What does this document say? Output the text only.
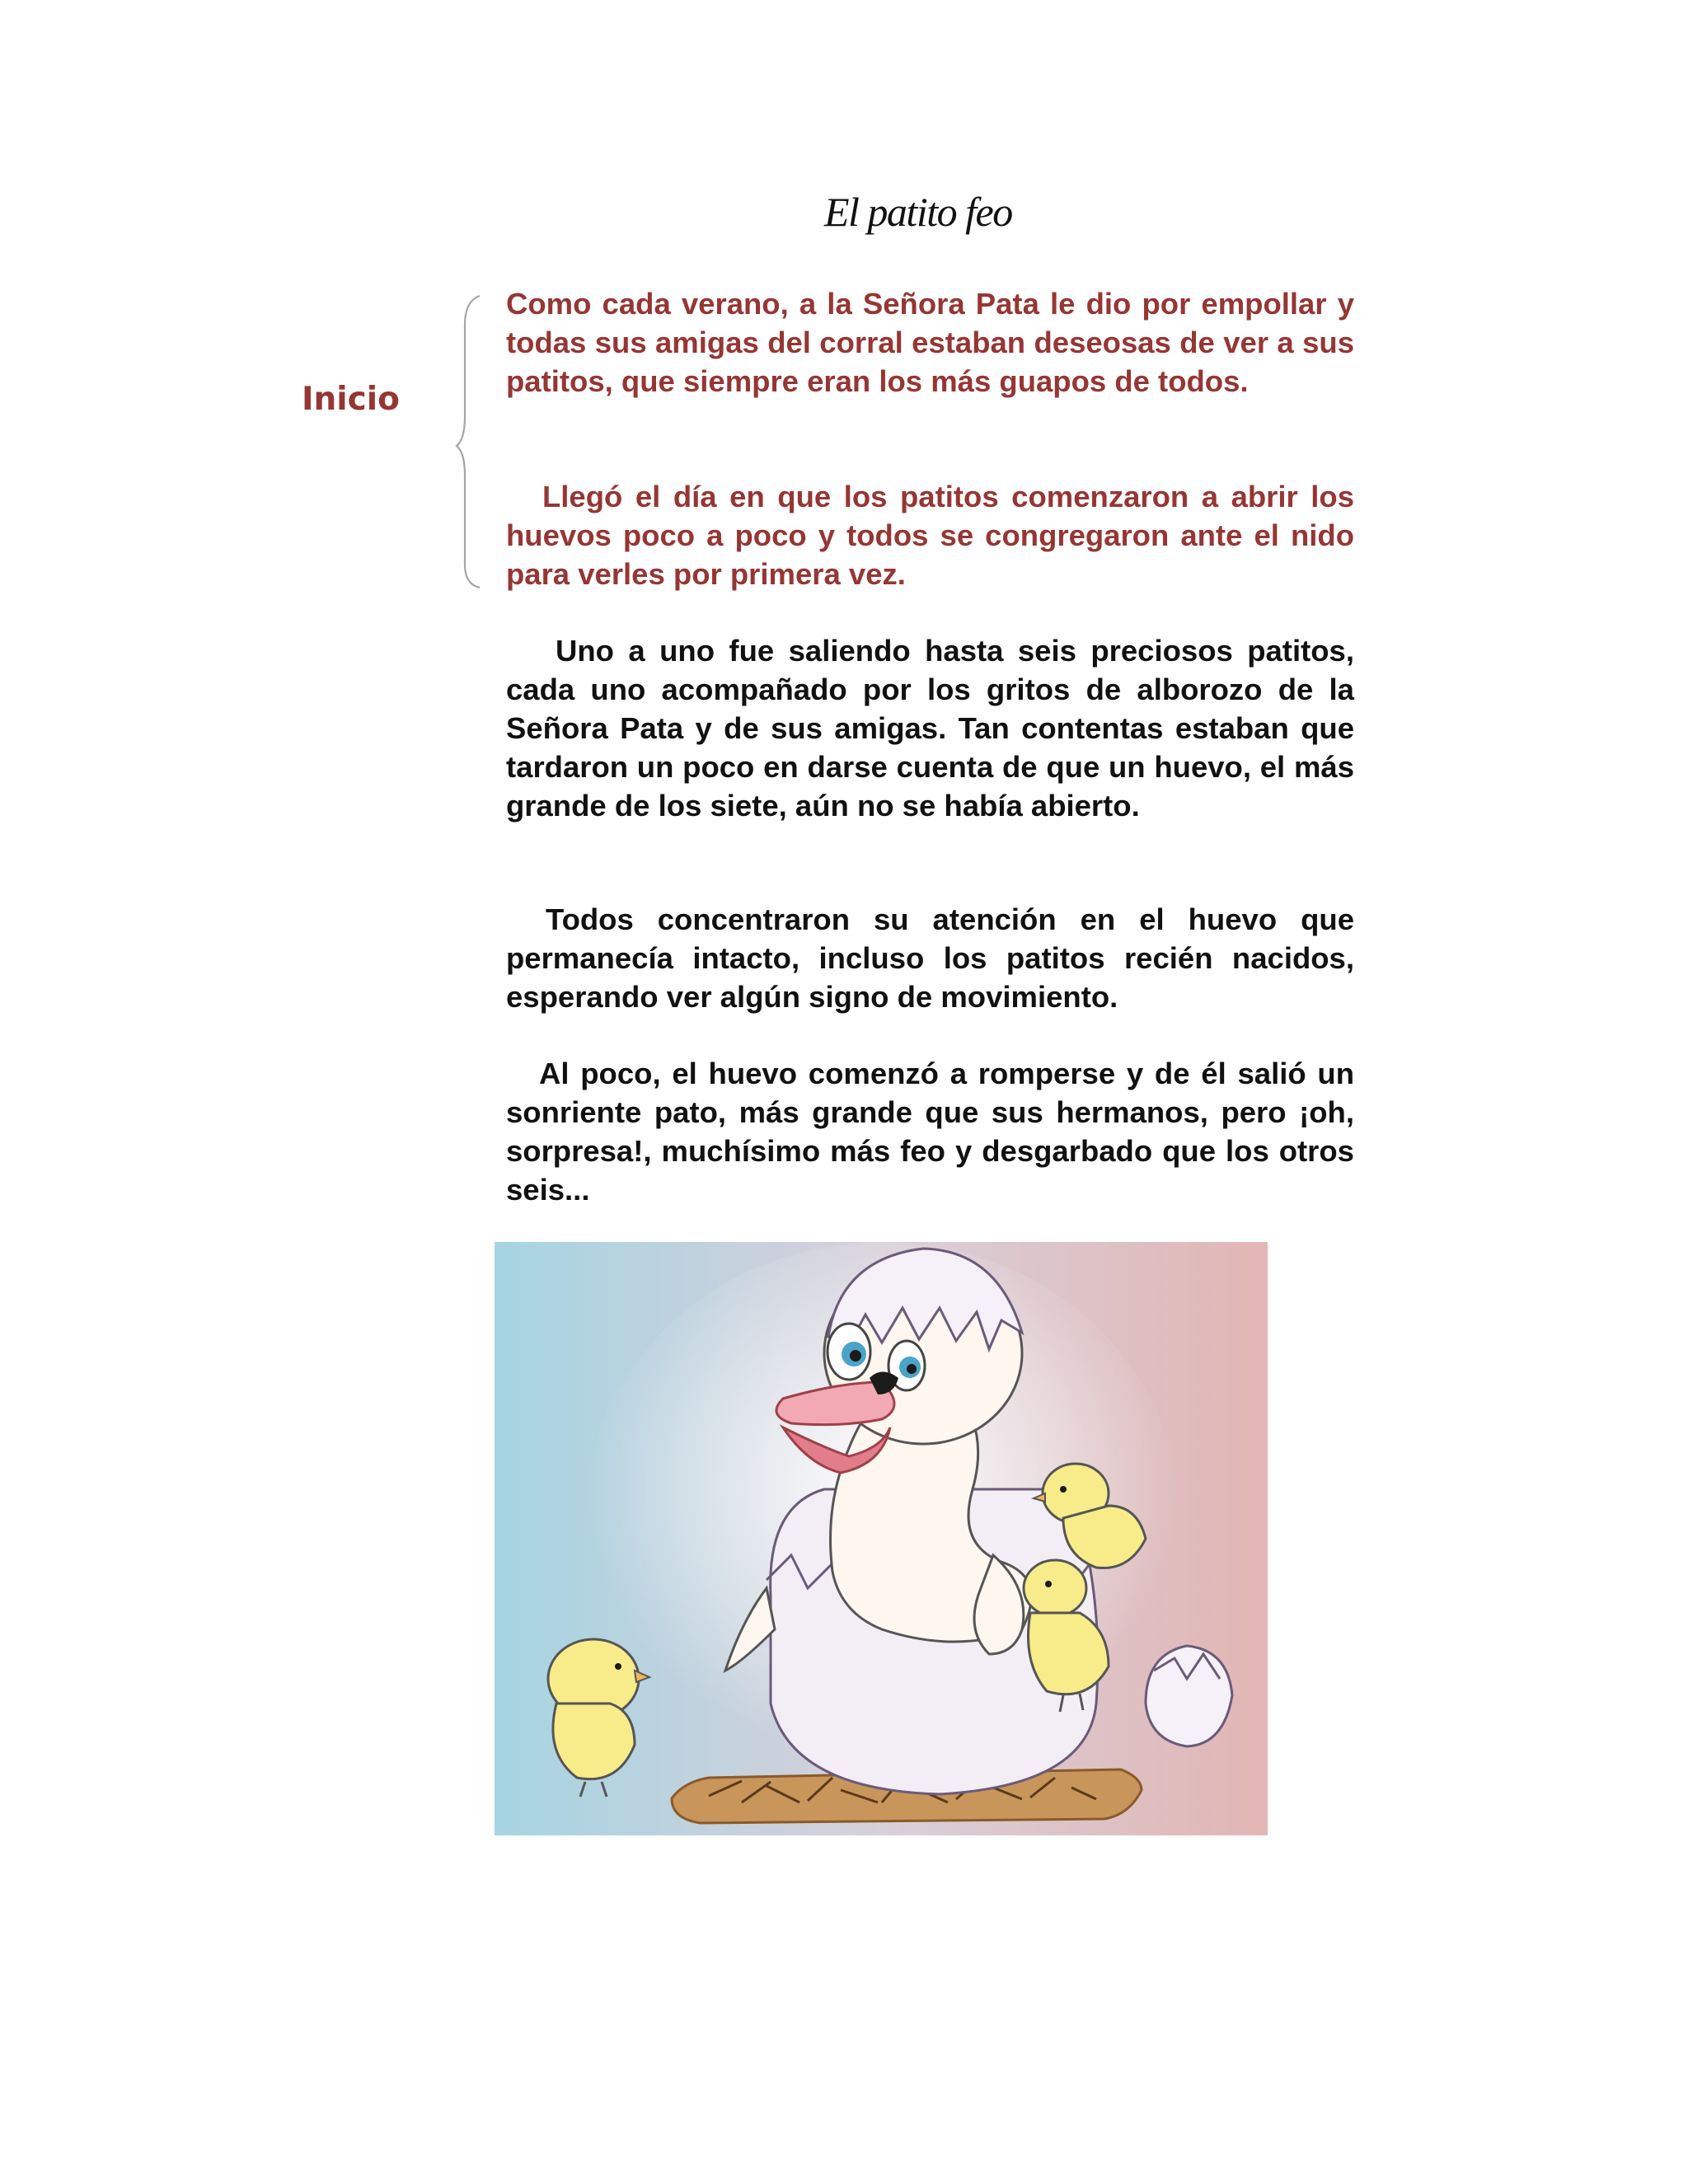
El patito feo
Inicio

Como cada verano, a la Señora Pata le dio por empollar y todas sus amigas del corral estaban deseosas de ver a sus patitos, que siempre eran los más guapos de todos.

Llegó el día en que los patitos comenzaron a abrir los huevos poco a poco y todos se congregaron ante el nido para verles por primera vez.

Uno a uno fue saliendo hasta seis preciosos patitos, cada uno acompañado por los gritos de alborozo de la Señora Pata y de sus amigas. Tan contentas estaban que tardaron un poco en darse cuenta de que un huevo, el más grande de los siete, aún no se había abierto.

Todos concentraron su atención en el huevo que permanecía intacto, incluso los patitos recién nacidos, esperando ver algún signo de movimiento.

Al poco, el huevo comenzó a romperse y de él salió un sonriente pato, más grande que sus hermanos, pero ¡oh, sorpresa!, muchísimo más feo y desgarbado que los otros seis...
